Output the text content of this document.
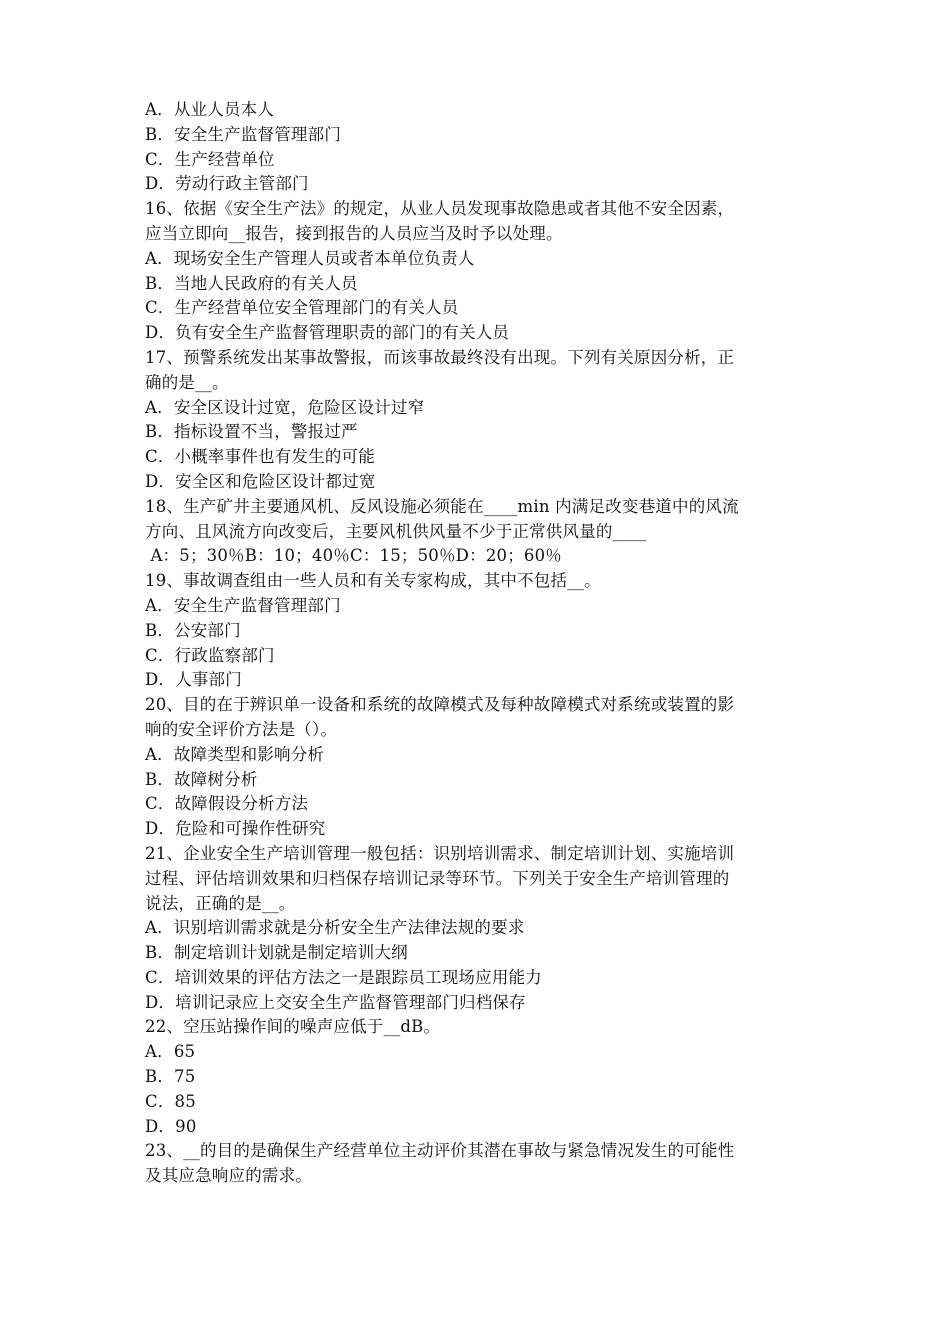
A．从业人员本人
B．安全生产监督管理部门
C．生产经营单位
D．劳动行政主管部门
16、依据《安全生产法》的规定，从业人员发现事故隐患或者其他不安全因素，
应当立即向__报告，接到报告的人员应当及时予以处理。
A．现场安全生产管理人员或者本单位负责人
B．当地人民政府的有关人员
C．生产经营单位安全管理部门的有关人员
D．负有安全生产监督管理职责的部门的有关人员
17、预警系统发出某事故警报，而该事故最终没有出现。下列有关原因分析，正
确的是__。
A．安全区设计过宽，危险区设计过窄
B．指标设置不当，警报过严
C．小概率事件也有发生的可能
D．安全区和危险区设计都过宽
18、生产矿井主要通风机、反风设施必须能在____min 内满足改变巷道中的风流
方向、且风流方向改变后，主要风机供风量不少于正常供风量的____
A：5；30％B：10；40％C：15；50％D：20；60％
19、事故调查组由一些人员和有关专家构成，其中不包括__。
A．安全生产监督管理部门
B．公安部门
C．行政监察部门
D．人事部门
20、目的在于辨识单一设备和系统的故障模式及每种故障模式对系统或装置的影
响的安全评价方法是（）。
A．故障类型和影响分析
B．故障树分析
C．故障假设分析方法
D．危险和可操作性研究
21、企业安全生产培训管理一般包括：识别培训需求、制定培训计划、实施培训
过程、评估培训效果和归档保存培训记录等环节。下列关于安全生产培训管理的
说法，正确的是__。
A．识别培训需求就是分析安全生产法律法规的要求
B．制定培训计划就是制定培训大纲
C．培训效果的评估方法之一是跟踪员工现场应用能力
D．培训记录应上交安全生产监督管理部门归档保存
22、空压站操作间的噪声应低于__dB。
A．65
B．75
C．85
D．90
23、__的目的是确保生产经营单位主动评价其潜在事故与紧急情况发生的可能性
及其应急响应的需求。
